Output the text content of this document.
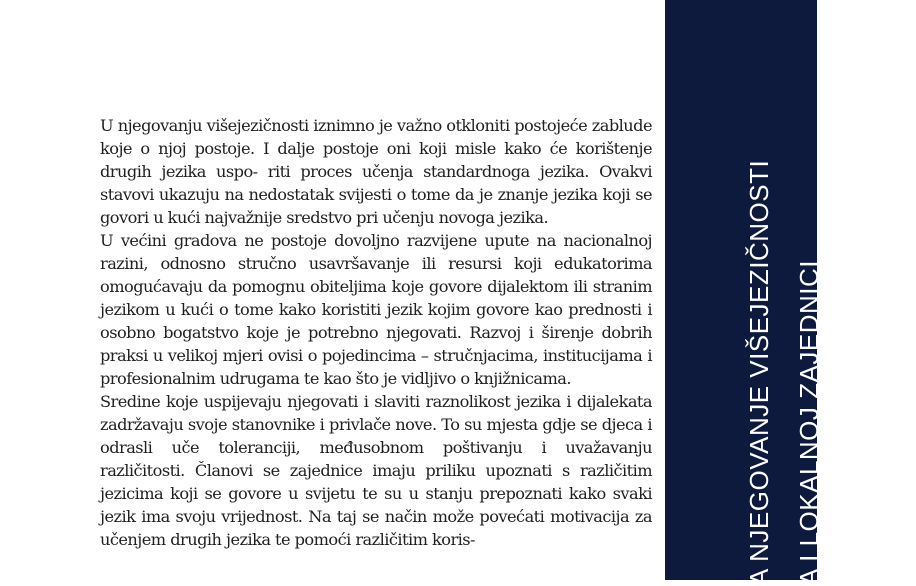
U njegovanju višejezičnosti iznimno je važno otkloniti postojeće zablude koje o njoj postoje. I dalje postoje oni koji misle kako će korištenje drugih jezika uspo- riti proces učenja standardnoga jezika. Ovakvi stavovi ukazuju na nedostatak svijesti o tome da je znanje jezika koji se govori u kući najvažnije sredstvo pri učenju novoga jezika.

U većini gradova ne postoje dovoljno razvijene upute na nacionalnoj razini, odnosno stručno usavršavanje ili resursi koji edukatorima omogućavaju da pomognu obiteljima koje govore dijalektom ili stranim jezikom u kući o tome kako koristiti jezik kojim govore kao prednosti i osobno bogatstvo koje je potrebno njegovati. Razvoj i širenje dobrih praksi u velikoj mjeri ovisi o pojedincima – stručnjacima, institucijama i profesionalnim udrugama te kao što je vidljivo o knjižnicama.

Sredine koje uspijevaju njegovati i slaviti raznolikost jezika i dijalekata zadržavaju svoje stanovnike i privlače nove. To su mjesta gdje se djeca i odrasli uče toleranciji, međusobnom poštivanju i uvažavanju različitosti. Članovi se zajednice imaju priliku upoznati s različitim jezicima koji se govore u svijetu te su u stanju prepoznati kako svaki jezik ima svoju vrijednost. Na taj se način može povećati motivacija za učenjem drugih jezika te pomoći različitim koris-	A NJEGOVANJE VIŠEJEZIČNOSTI A I LOKALNOJ ZAJEDNICI
